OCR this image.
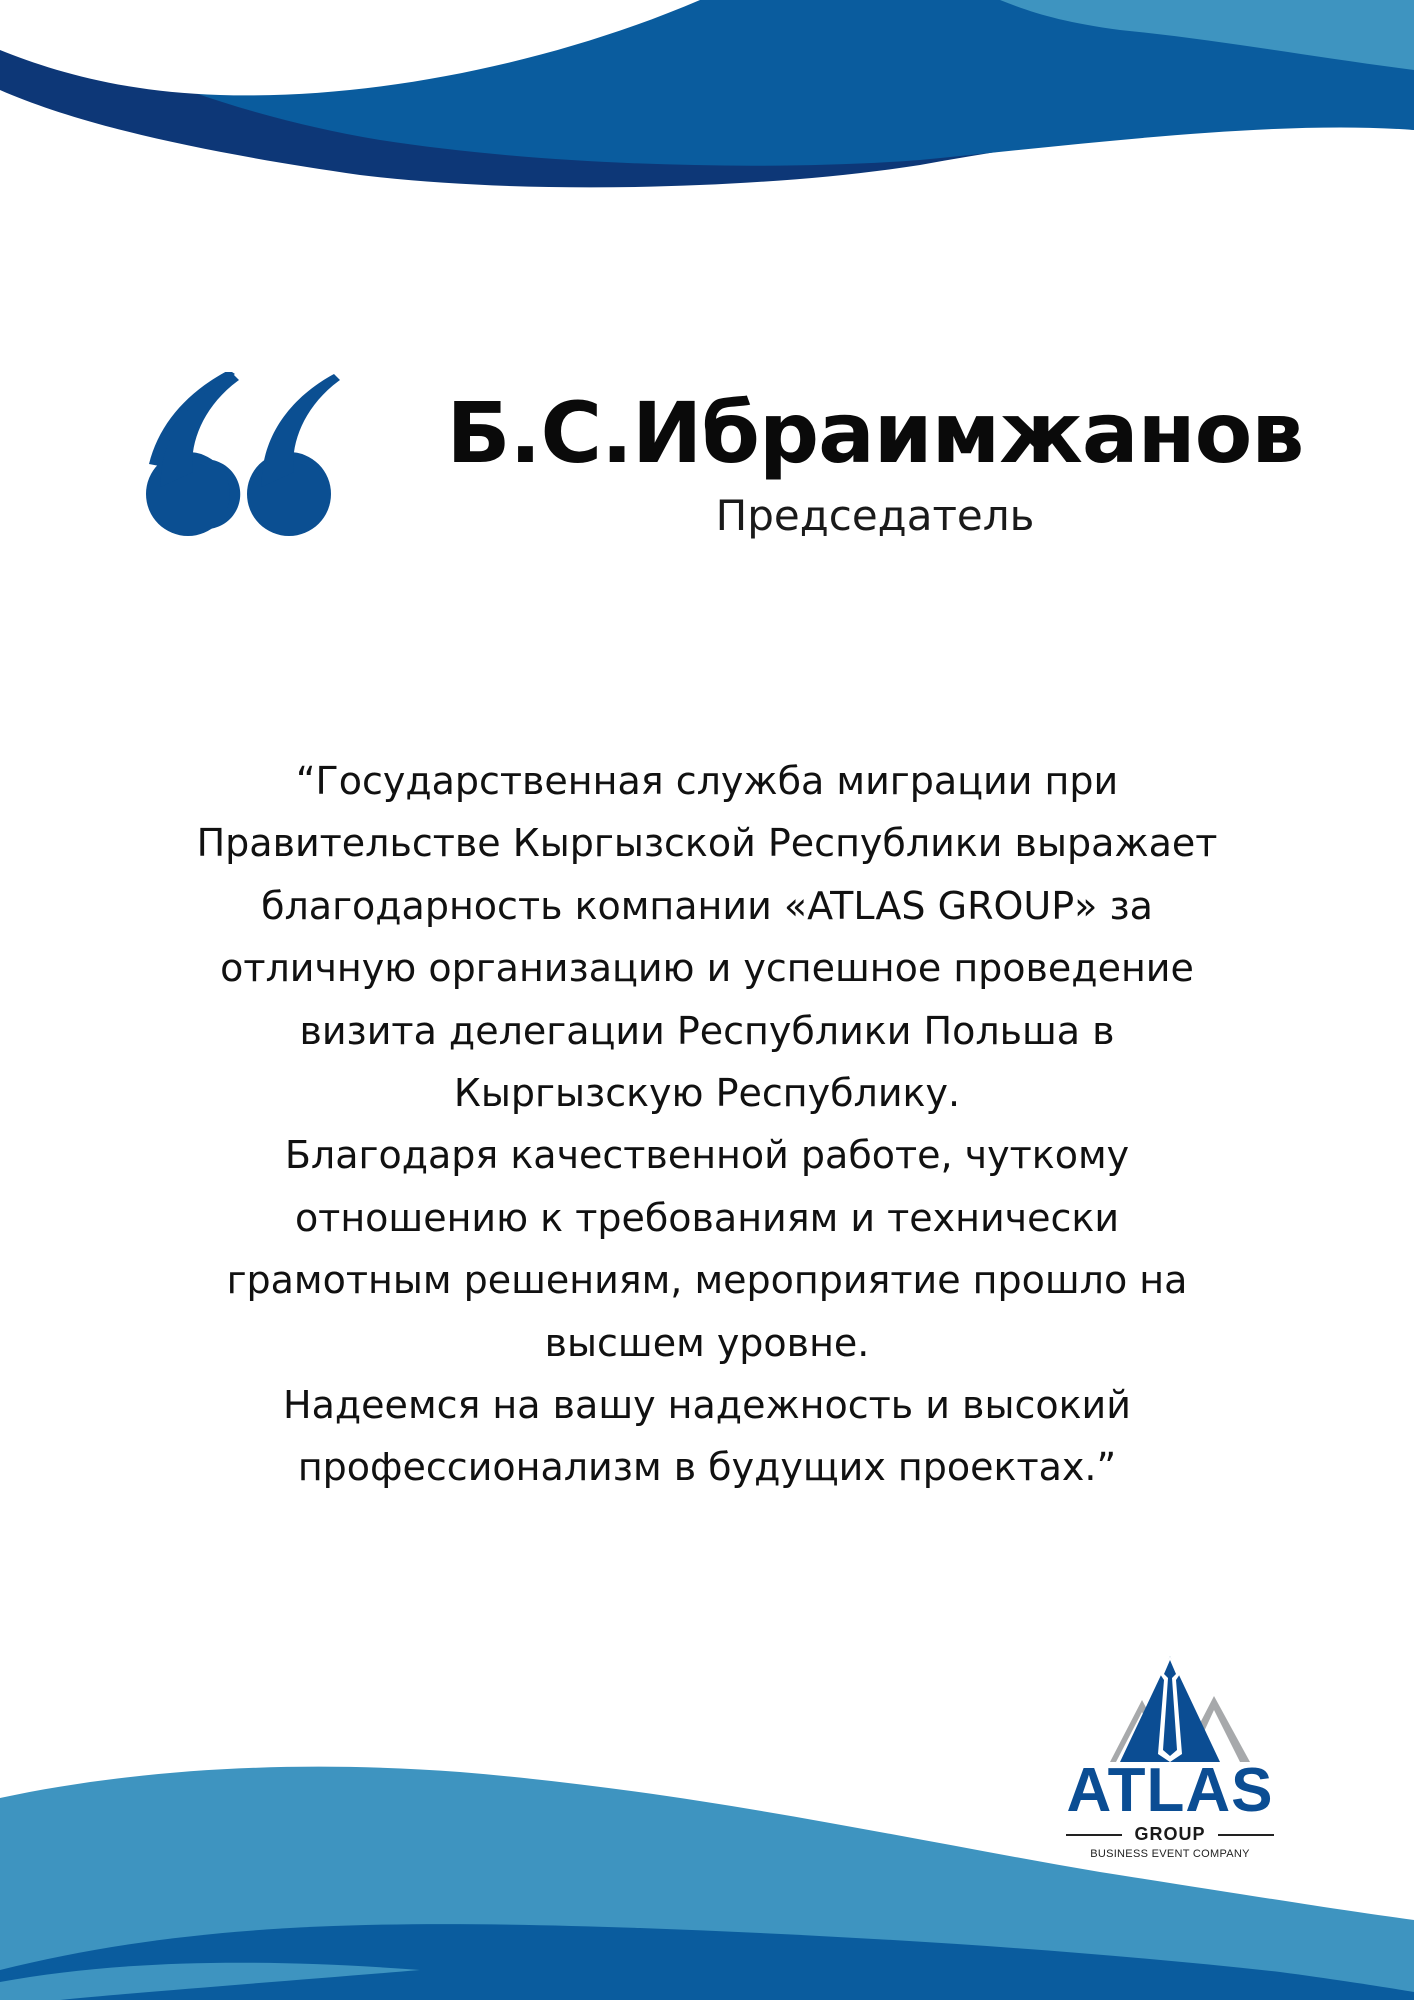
Б.С.Ибраимжанов
Председатель
“Государственная служба миграции при
Правительстве Кыргызской Республики выражает
благодарность компании «ATLAS GROUP» за
отличную организацию и успешное проведение
визита делегации Республики Польша в
Кыргызскую Республику.
Благодаря качественной работе, чуткому
отношению к требованиям и технически
грамотным решениям, мероприятие прошло на
высшем уровне.
Надеемся на вашу надежность и высокий
профессионализм в будущих проектах.”
ATLAS
GROUP
BUSINESS EVENT COMPANY
